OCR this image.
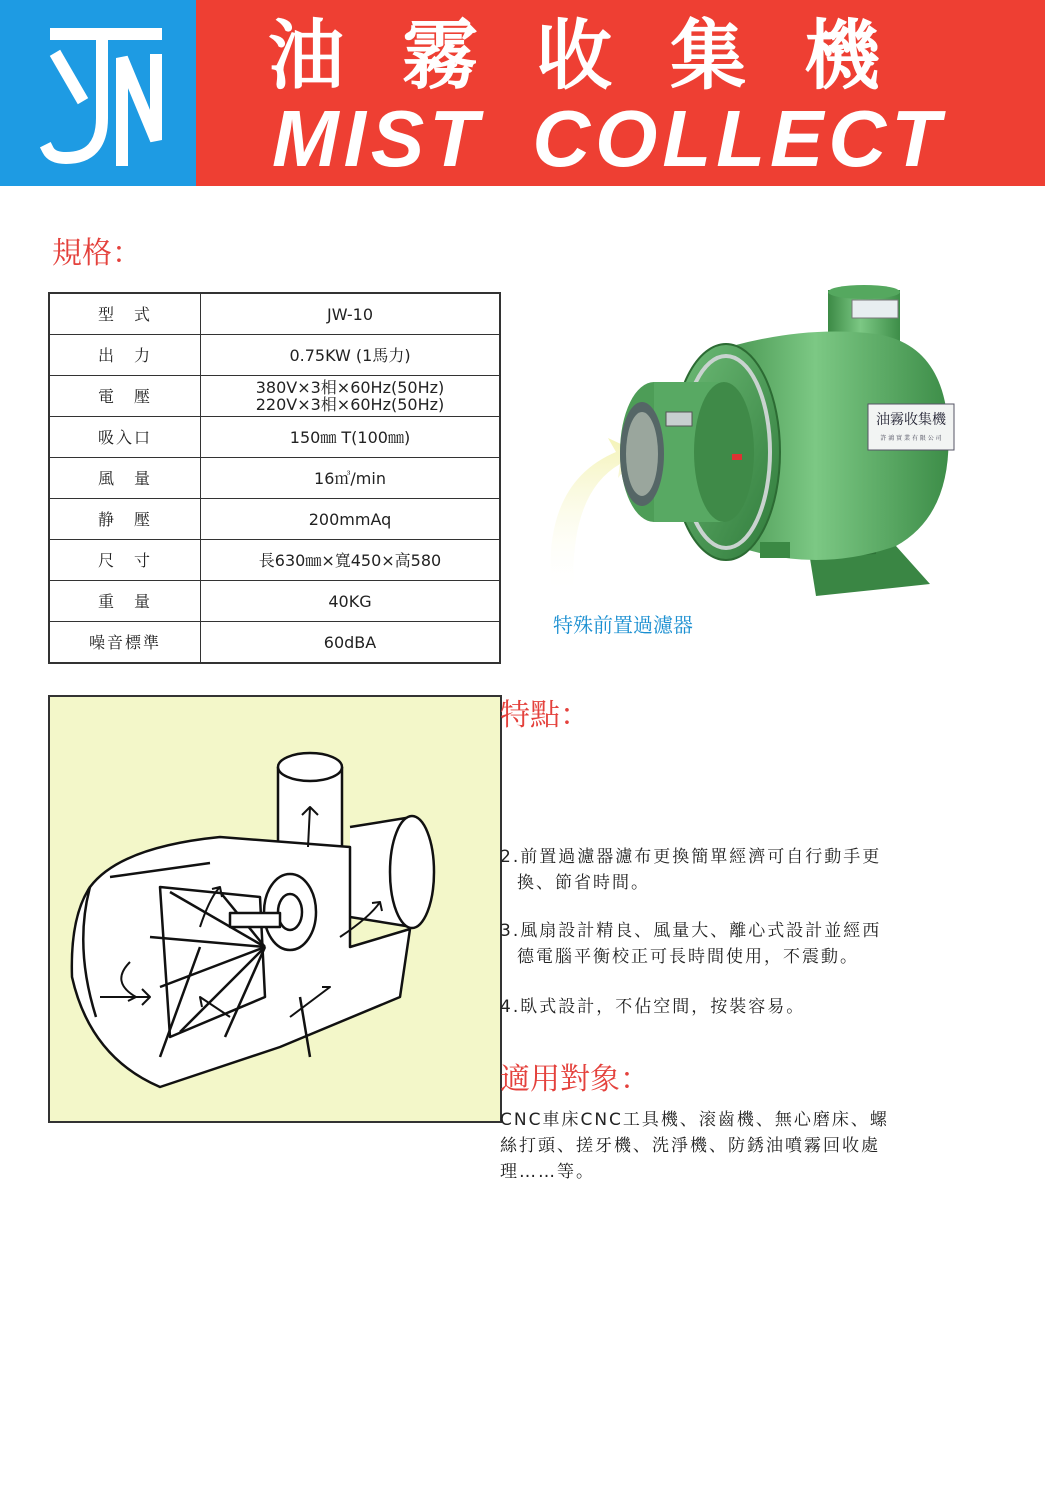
油霧收集機
MIST COLLECT
規格：
型　式	JW-10
出　力	0.75KW (1馬力)
電　壓	380V×3相×60Hz(50Hz)
220V×3相×60Hz(50Hz)

吸入口	150㎜ T(100㎜)
風　量	16㎥/min
静　壓	200mmAq
尺　寸	長630㎜×寬450×高580
重　量	40KG
噪音標準	60dBA
油霧收集機
許 鴻 實 業 有 限 公 司
特殊前置過濾器
特點：
2.前置過濾器濾布更換簡單經濟可自行動手更
換、節省時間。
3.風扇設計精良、風量大、離心式設計並經西
德電腦平衡校正可長時間使用，不震動。
4.臥式設計，不佔空間，按裝容易。
適用對象：
CNC車床CNC工具機、滚齒機、無心磨床、螺
絲打頭、搓牙機、洗淨機、防銹油噴霧回收處
理……等。
